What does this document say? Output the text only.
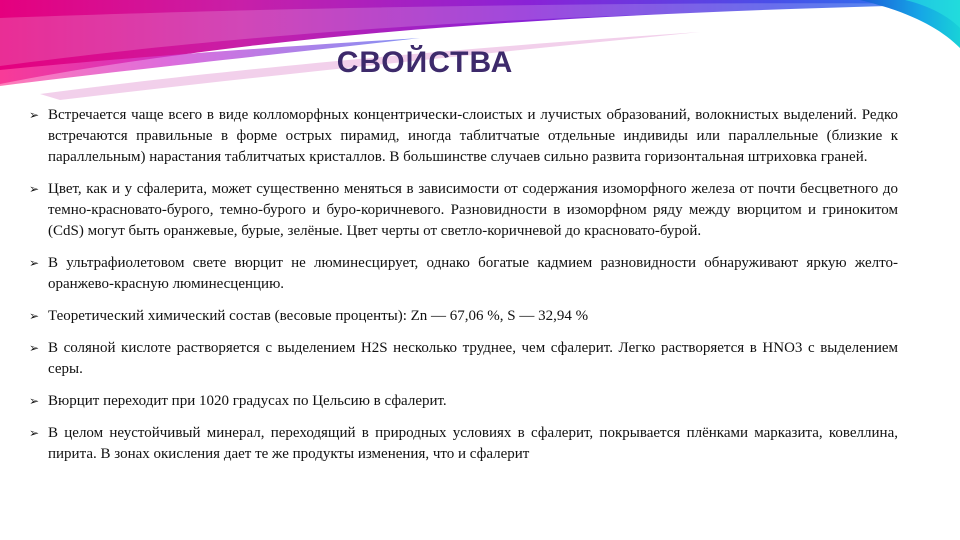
СВОЙСТВА
➢ Встречается чаще всего в виде колломорфных концентрически-слоистых и лучистых образований, волокнистых выделений. Редко встречаются правильные в форме острых пирамид, иногда таблитчатые отдельные индивиды или параллельные (близкие к параллельным) нарастания таблитчатых кристаллов. В большинстве случаев сильно развита горизонтальная штриховка граней.
➢ Цвет, как и у сфалерита, может существенно меняться в зависимости от содержания изоморфного железа от почти бесцветного до темно-красновато-бурого, темно-бурого и буро-коричневого. Разновидности в изоморфном ряду между вюрцитом и гринокитом (CdS) могут быть оранжевые, бурые, зелёные. Цвет черты от светло-коричневой до красновато-бурой.
➢ В ультрафиолетовом свете вюрцит не люминесцирует, однако богатые кадмием разновидности обнаруживают яркую желто-оранжево-красную люминесценцию.
➢ Теоретический химический состав (весовые проценты): Zn — 67,06 %, S — 32,94 %
➢ В соляной кислоте растворяется с выделением H2S несколько труднее, чем сфалерит. Легко растворяется в HNO3 с выделением серы.
➢ Вюрцит переходит при 1020 градусах по Цельсию в сфалерит.
➢ В целом неустойчивый минерал, переходящий в природных условиях в сфалерит, покрывается плёнками марказита, ковеллина, пирита. В зонах окисления дает те же продукты изменения, что и сфалерит
